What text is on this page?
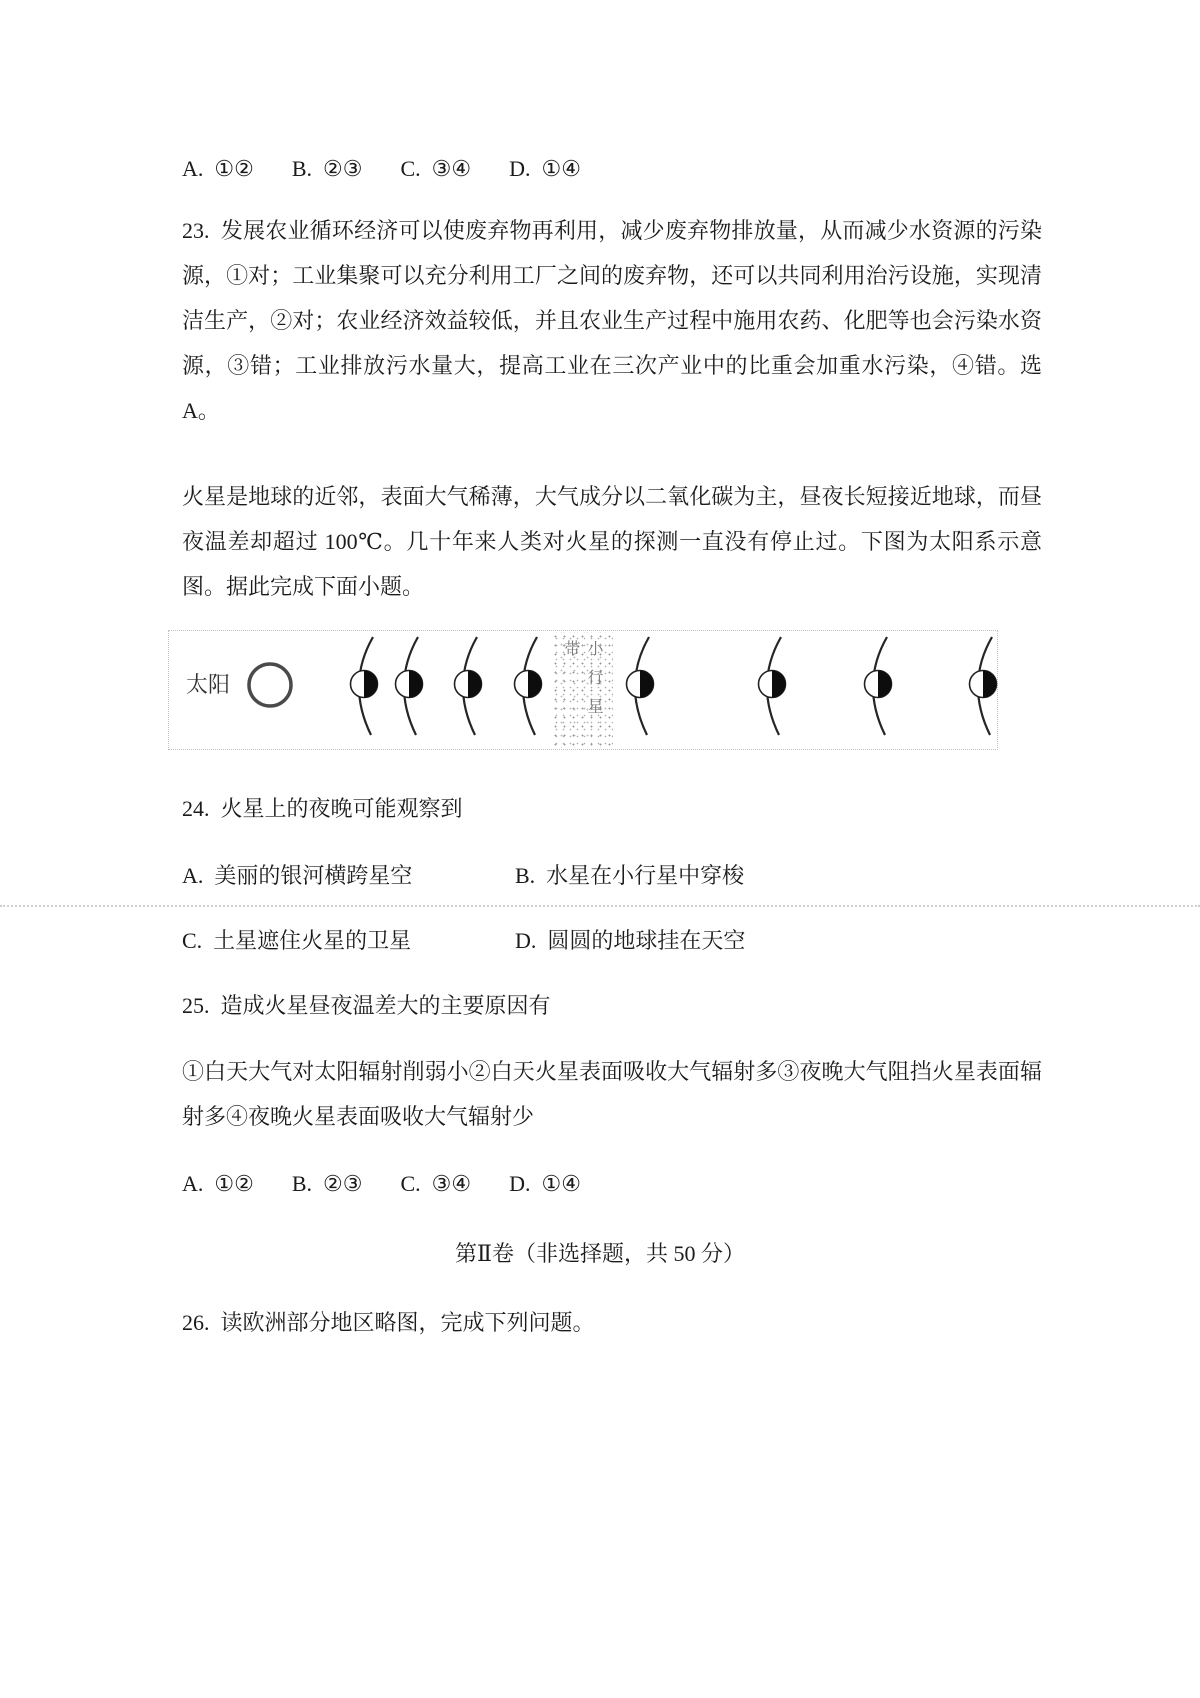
A.  ①② B.  ②③ C.  ③④ D.  ①④
23.  发展农业循环经济可以使废弃物再利用，减少废弃物排放量，从而减少水资源的污染源，①对；工业集聚可以充分利用工厂之间的废弃物，还可以共同利用治污设施，实现清洁生产，②对；农业经济效益较低，并且农业生产过程中施用农药、化肥等也会污染水资源，③错；工业排放污水量大，提高工业在三次产业中的比重会加重水污染，④错。选A。
火星是地球的近邻，表面大气稀薄，大气成分以二氧化碳为主，昼夜长短接近地球，而昼夜温差却超过 100℃。几十年来人类对火星的探测一直没有停止过。下图为太阳系示意图。据此完成下面小题。
太阳	小行星带
24.  火星上的夜晚可能观察到
A.  美丽的银河横跨星空	B.  水星在小行星中穿梭
C.  土星遮住火星的卫星	D.  圆圆的地球挂在天空
25.  造成火星昼夜温差大的主要原因有
①白天大气对太阳辐射削弱小②白天火星表面吸收大气辐射多③夜晚大气阻挡火星表面辐射多④夜晚火星表面吸收大气辐射少
A.  ①② B.  ②③ C.  ③④ D.  ①④
第Ⅱ卷（非选择题，共 50 分）
26.  读欧洲部分地区略图，完成下列问题。
